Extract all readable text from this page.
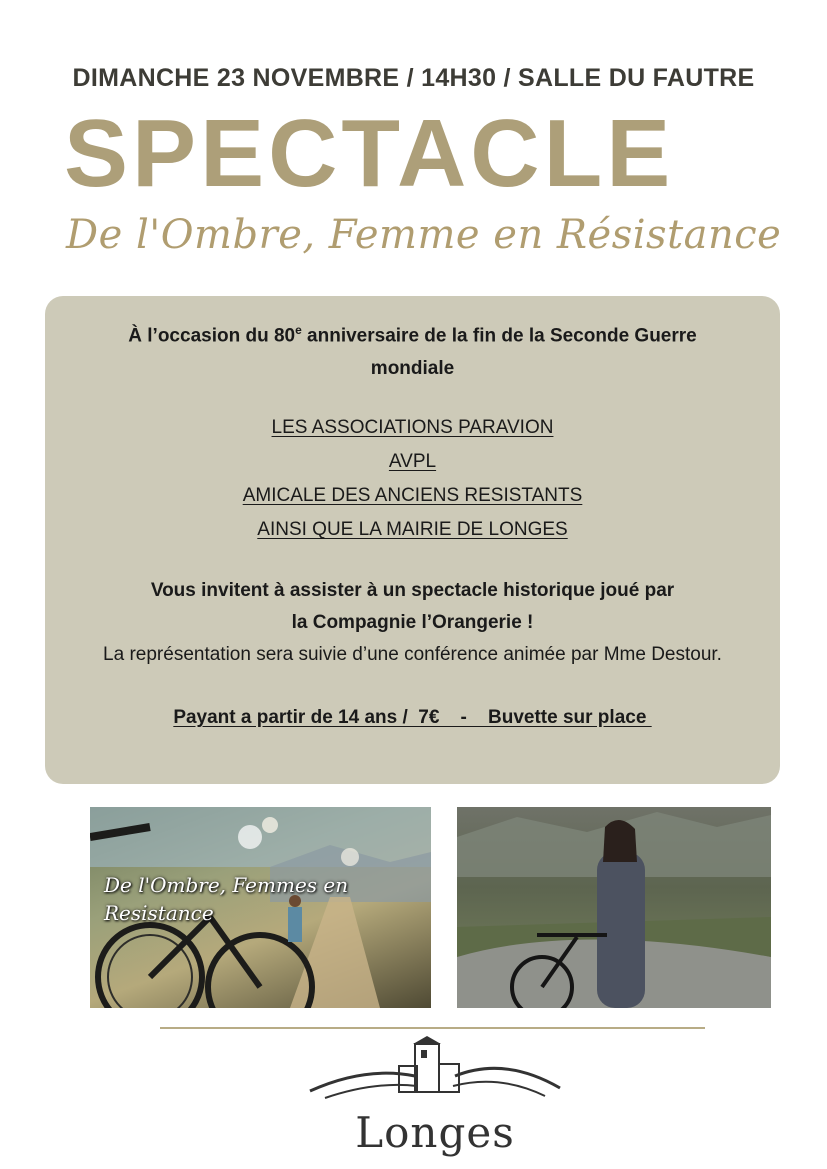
DIMANCHE 23 NOVEMBRE / 14H30 / SALLE DU FAUTRE
SPECTACLE
De l'Ombre, Femme en Résistance
À l’occasion du 80e anniversaire de la fin de la Seconde Guerre mondiale
LES ASSOCIATIONS PARAVION
AVPL
AMICALE DES ANCIENS RESISTANTS
AINSI QUE LA MAIRIE DE LONGES
Vous invitent à assister à un spectacle historique joué par
la Compagnie l’Orangerie !
La représentation sera suivie d’une conférence animée par Mme Destour.
Payant a partir de 14 ans /  7€    -    Buvette sur place
De l'Ombre, Femmes en
Resistance
Longes
